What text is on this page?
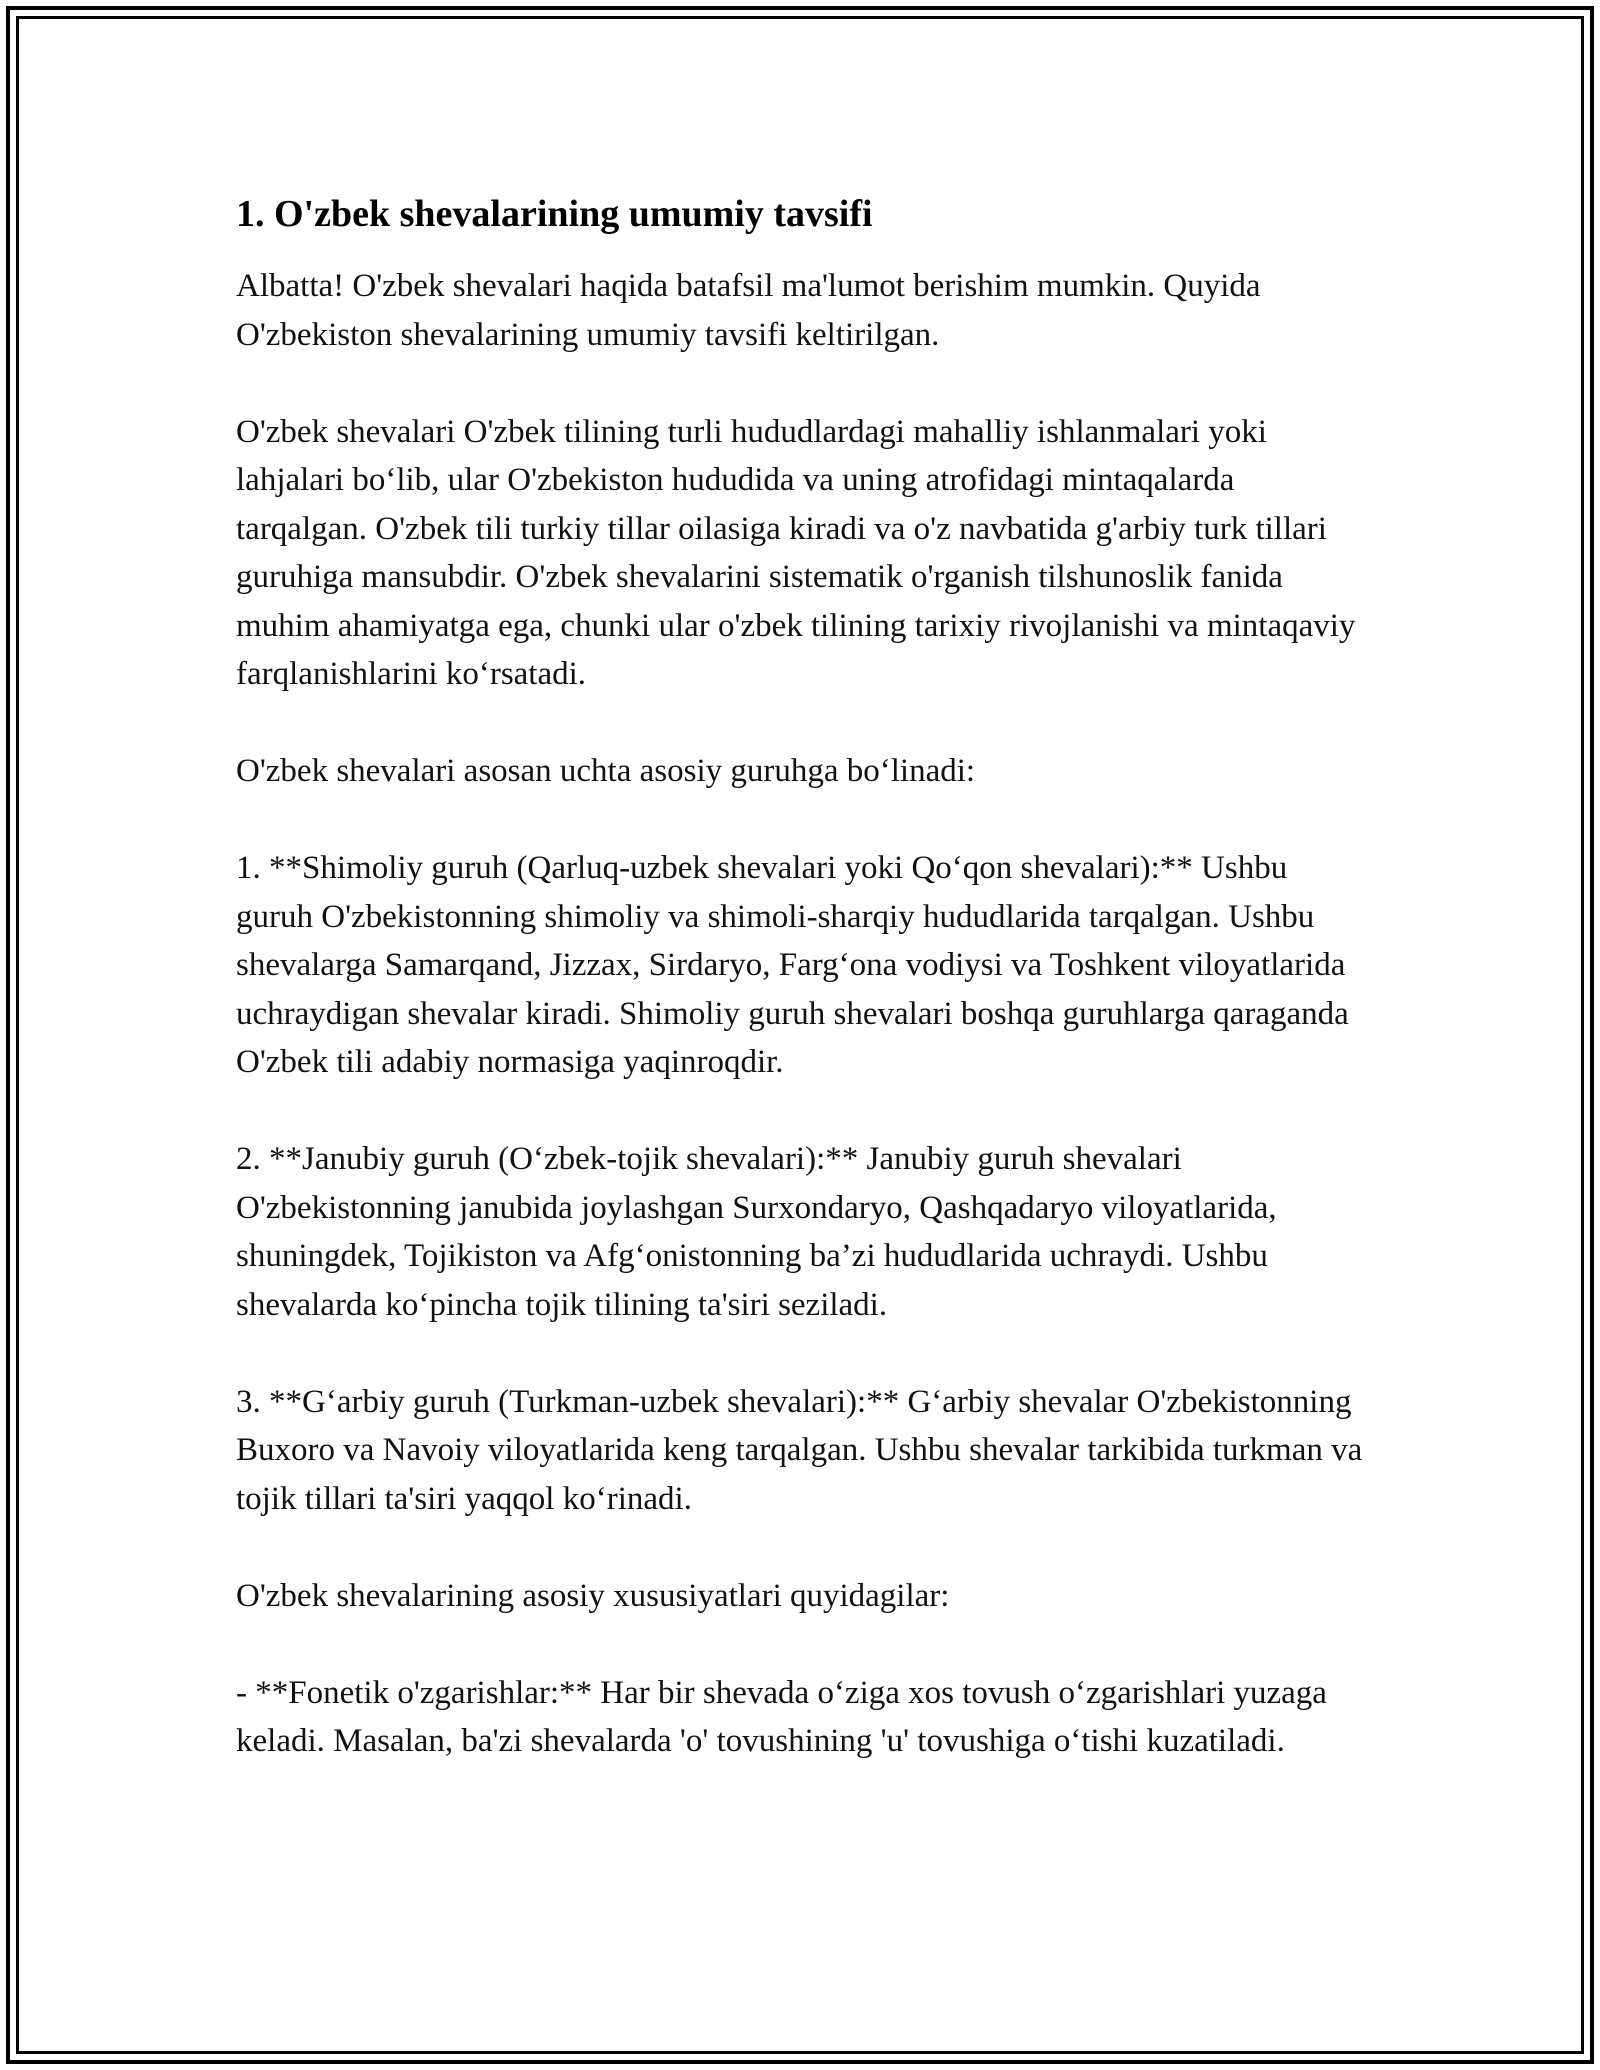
1. O'zbek shevalarining umumiy tavsifi

Albatta! O'zbek shevalari haqida batafsil ma'lumot berishim mumkin. Quyida O'zbekiston shevalarining umumiy tavsifi keltirilgan.

O'zbek shevalari O'zbek tilining turli hududlardagi mahalliy ishlanmalari yoki lahjalari bo‘lib, ular O'zbekiston hududida va uning atrofidagi mintaqalarda tarqalgan. O'zbek tili turkiy tillar oilasiga kiradi va o'z navbatida g'arbiy turk tillari guruhiga mansubdir. O'zbek shevalarini sistematik o'rganish tilshunoslik fanida muhim ahamiyatga ega, chunki ular o'zbek tilining tarixiy rivojlanishi va mintaqaviy farqlanishlarini ko‘rsatadi.

O'zbek shevalari asosan uchta asosiy guruhga bo‘linadi:

1. **Shimoliy guruh (Qarluq-uzbek shevalari yoki Qo‘qon shevalari):** Ushbu guruh O'zbekistonning shimoliy va shimoli-sharqiy hududlarida tarqalgan. Ushbu shevalarga Samarqand, Jizzax, Sirdaryo, Farg‘ona vodiysi va Toshkent viloyatlarida uchraydigan shevalar kiradi. Shimoliy guruh shevalari boshqa guruhlarga qaraganda O'zbek tili adabiy normasiga yaqinroqdir.

2. **Janubiy guruh (O‘zbek-tojik shevalari):** Janubiy guruh shevalari O'zbekistonning janubida joylashgan Surxondaryo, Qashqadaryo viloyatlarida, shuningdek, Tojikiston va Afg‘onistonning ba’zi hududlarida uchraydi. Ushbu shevalarda ko‘pincha tojik tilining ta'siri seziladi.

3. **G‘arbiy guruh (Turkman-uzbek shevalari):** G‘arbiy shevalar O'zbekistonning Buxoro va Navoiy viloyatlarida keng tarqalgan. Ushbu shevalar tarkibida turkman va tojik tillari ta'siri yaqqol ko‘rinadi.

O'zbek shevalarining asosiy xususiyatlari quyidagilar:

- **Fonetik o'zgarishlar:** Har bir shevada o‘ziga xos tovush o‘zgarishlari yuzaga keladi. Masalan, ba'zi shevalarda 'o' tovushining 'u' tovushiga o‘tishi kuzatiladi.
